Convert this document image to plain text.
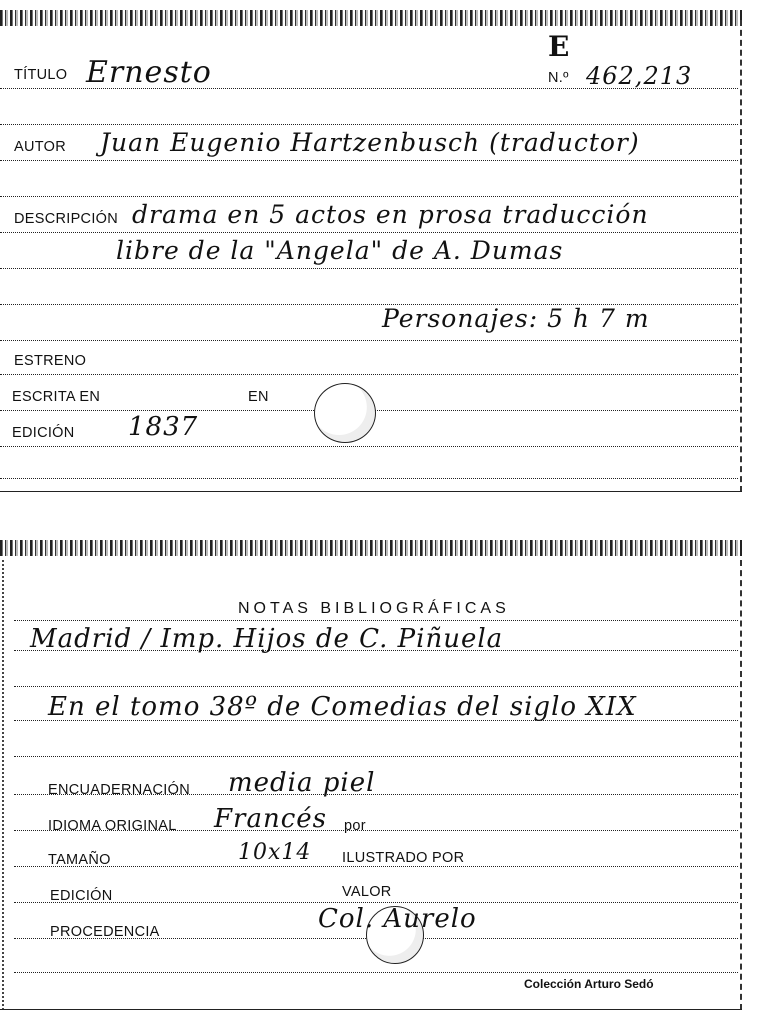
TÍTULO Ernesto
E
N.º 462,213
AUTOR Juan Eugenio Hartzenbusch (traductor)
DESCRIPCIÓN drama en 5 actos en prosa traducción
libre de la "Angela" de A. Dumas
Personajes: 5 h 7 m
ESTRENO
ESCRITA EN	EN
EDICIÓN 1837
NOTAS BIBLIOGRÁFICAS
Madrid / Imp. Hijos de C. Piñuela
En el tomo 38º de Comedias del siglo XIX
ENCUADERNACIÓN media piel
IDIOMA ORIGINAL Francés por
TAMAÑO	10x14 ILUSTRADO POR
EDICIÓN	VALOR
PROCEDENCIA	Col. Aurelo
Colección Arturo Sedó
